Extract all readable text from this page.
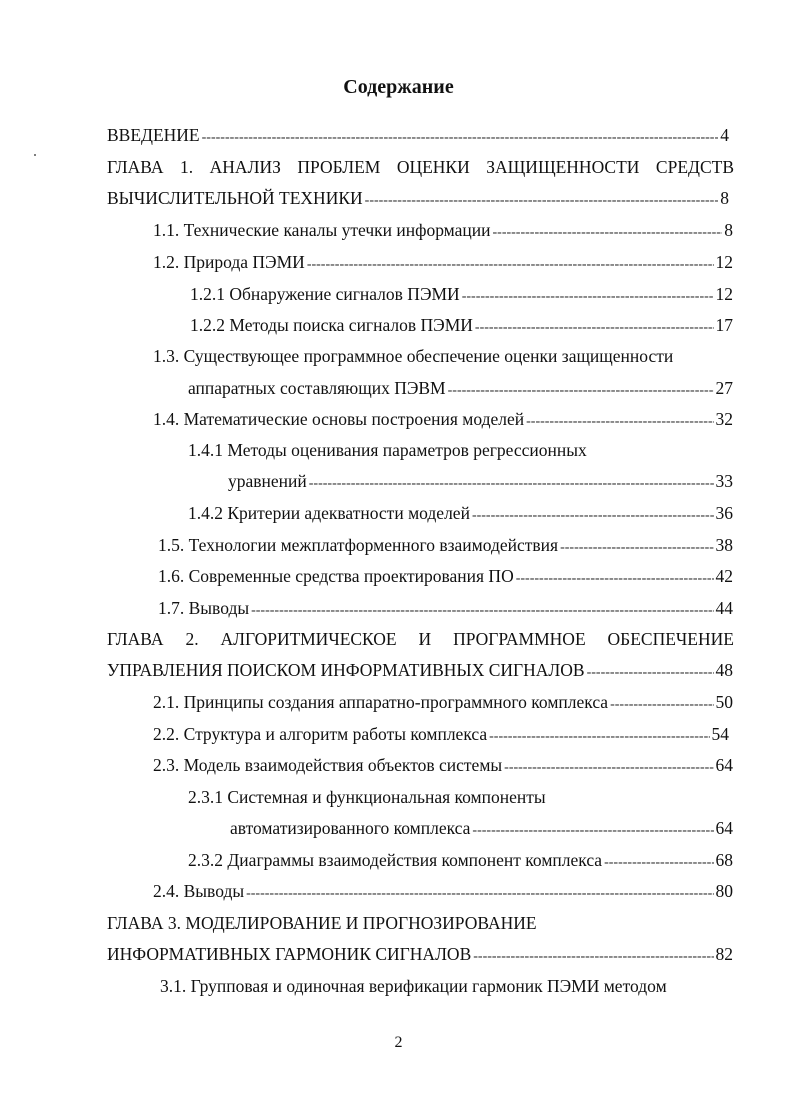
Содержание
ВВЕДЕНИЕ -----	4
ГЛАВА 1. АНАЛИЗ ПРОБЛЕМ ОЦЕНКИ ЗАЩИЩЕННОСТИ СРЕДСТВ
ВЫЧИСЛИТЕЛЬНОЙ ТЕХНИКИ -----	8
1.1. Технические каналы утечки информации -----	8
1.2. Природа ПЭМИ -----	12
1.2.1 Обнаружение сигналов ПЭМИ -----	12
1.2.2 Методы поиска сигналов ПЭМИ -----	17
1.3. Существующее программное обеспечение оценки защищенности
аппаратных составляющих ПЭВМ -----	27
1.4. Математические основы построения моделей -----	32
1.4.1 Методы оценивания параметров регрессионных
уравнений -----	33
1.4.2 Критерии адекватности моделей -----	36
1.5. Технологии межплатформенного взаимодействия -----	38
1.6. Современные средства проектирования ПО -----	42
1.7. Выводы -----	44
ГЛАВА 2. АЛГОРИТМИЧЕСКОЕ И ПРОГРАММНОЕ ОБЕСПЕЧЕНИЕ
УПРАВЛЕНИЯ ПОИСКОМ ИНФОРМАТИВНЫХ СИГНАЛОВ -----	48
2.1. Принципы создания аппаратно-программного комплекса -----	50
2.2. Структура и алгоритм работы комплекса -----	54
2.3. Модель взаимодействия объектов системы -----	64
2.3.1 Системная и функциональная компоненты
автоматизированного комплекса -----	64
2.3.2 Диаграммы взаимодействия компонент комплекса -----	68
2.4. Выводы -----	80
ГЛАВА 3. МОДЕЛИРОВАНИЕ И ПРОГНОЗИРОВАНИЕ
ИНФОРМАТИВНЫХ ГАРМОНИК СИГНАЛОВ -----	82
3.1. Групповая и одиночная верификации гармоник ПЭМИ методом
2
